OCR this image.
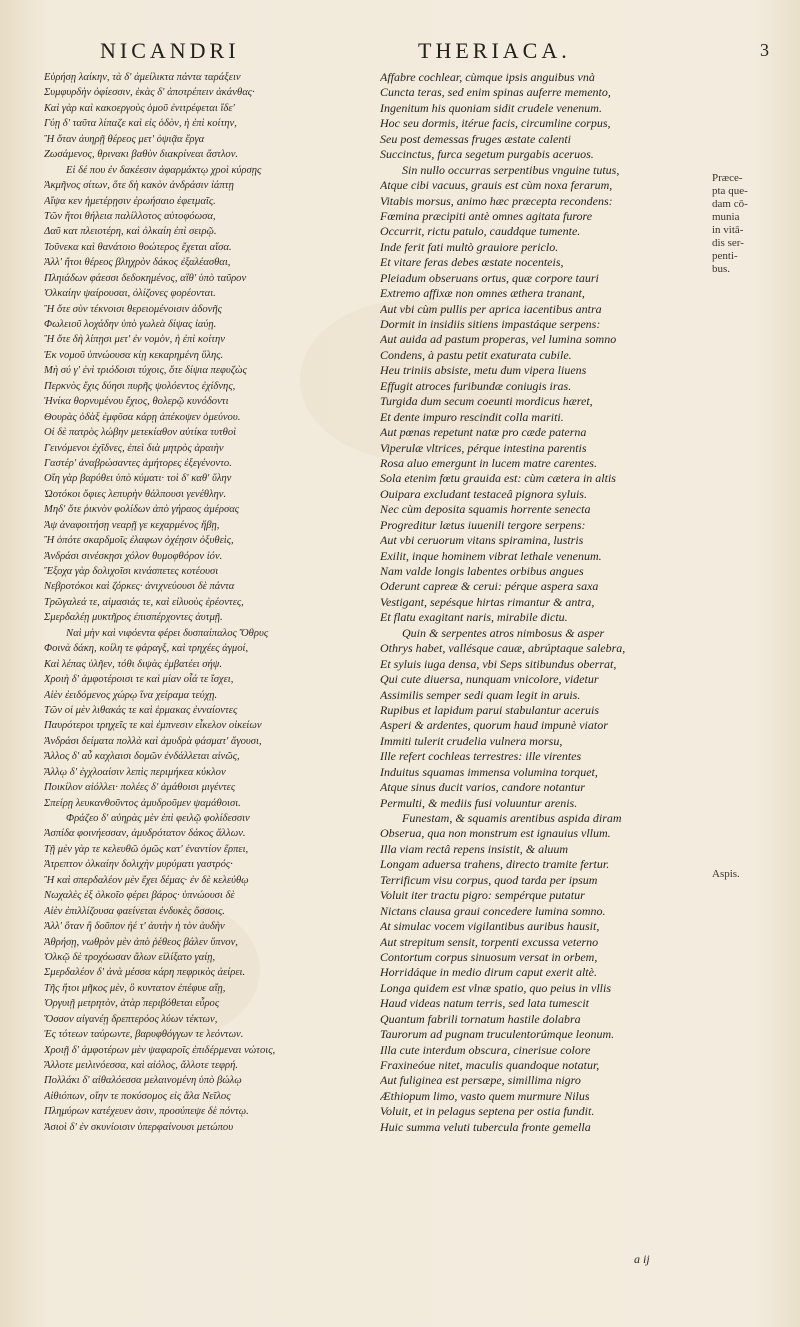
NICANDRI	THERIACA.	3
Εὑρήσῃ λαίκην, τὰ δ' ἀμείλικτα πάντα ταράξειν
Συμφυρδὴν ὀφίεσσιν, ἑκὰς δ' ἀποτρέπειν ἀκάνθας·
Καὶ γὰρ καὶ κακοεργοὺς ὁμοῦ ἐνιτρέφεται ἴδε'
Γύῃ δ' ταῦτα λίπαζε καὶ εἰς ὁδὸν, ἡ ἐπὶ κοίτην,
Ἢ ὅταν ἀυηρῇ θέρεος μετ' ὀψιᾷα ἔργα
Ζωσάμενος, θρινακι βαθὺν διακρίνεαι ἄστλον.
Εἰ δέ που ἐν δακέεσιν ἀφαρμάκτῳ χροὶ κύρσῃς
Ἀκμῆνος σίτων, ὅτε δὴ κακὸν ἀνδράσιν ἰάπτῃ
Αἴψα κεν ἡμετέρῃσιν ἐρωήσαιο ἐφετμαῖς.
Τῶν ἤτοι θήλεια παλίλλοτος αὐτοφόωσα,
Δαῦ κατ πλειοτέρη, καὶ ὀλκαίη ἐπὶ σειρῷ.
Τοῦνεκα καὶ θανάτοιο θοώτερος ἔχεται αἴσα.
Ἀλλ' ἤτοι θέρεος βληχρὸν δάκος ἐξαλέασθαι,
Πληιάδων φάεσσι δεδοκημένος, αἵθ' ὑπὸ ταῦρον
Ὀλκαίην ψαίρουσαι, ὀλίζονες φορέονται.
Ἢ ὅτε σὺν τέκνοισι θερειομένοισιν ἀδονῆς
Φωλειοῦ λοχάδην ὑπὸ γωλεὰ δίψας ἰαύῃ.
Ἢ ὅτε δὴ λίπῃσι μετ' ἐν νομὸν, ἡ ἐπὶ κοίτην
Ἐκ νομοῦ ὑπνώουσα κίῃ κεκαρημένη ὕλης.
Μὴ σύ γ' ἐνὶ τριόδοισι τύχοις, ὅτε δίψια πεφυζὼς
Περκνὸς ἔχις δύησι πυρῆς ψολόεντος ἐχίδνης,
Ἡνίκα θορνυμένου ἔχιος, θολερῷ κυνόδοντι
Θουρὰς ὀδὰξ ἐμφῦσα κάρῃ ἀπέκοψεν ὁμεύνου.
Οἱ δὲ πατρὸς λώβην μετεκίαθον αὐτίκα τυτθοὶ
Γεινόμενοι ἐχῖδνες, ἐπεὶ διὰ μητρὸς ἀραιὴν
Γαστέρ' ἀναβρώσαντες ἀμήτορες ἐξεγένοντο.
Οἴη γὰρ βαρύθει ὑπὸ κύματι· τοὶ δ' καθ' ὕλην
Ὠοτόκοι ὄφιες λεπυρὴν θάλπουσι γενέθλην.
Μηδ' ὅτε ῥικνὸν φολίδων ἀπὸ γήραος ἀμέρσας
Ἀψ ἀναφοιτήσῃ νεαρῇ γε κεχαρμένος ἥβῃ,
Ἢ ὁπότε σκαρδμοῖς ἐλαφων ὀχέῃσιν ὀξυθεὶς,
Ἀνδράσι σινέσκῃσι χόλον θυμοφθόρον ἰόν.
Ἔξοχα γὰρ δολιχοῖσι κινάσπετες κοτέουσι
Νεβροτόκοι καὶ ζόρκες· ἀνιχνεύουσι δὲ πάντα
Τρῶγαλεά τε, αἱμασιάς τε, καὶ εἰλυοὺς ἐρέοντες,
Σμερδαλέῃ μυκτῆρος ἐπισπέρχοντες ἀυτμῇ.
Ναὶ μὴν καὶ νιφόεντα φέρει δυσπαίπαλος Ὄθρυς
Φοινὰ δάκη, κοίλη τε φάραγξ, καὶ τρηχέες ἀγμοί,
Καὶ λέπας ὑλῆεν, τόθι διψὰς ἐμβατέει σήψ.
Χροιὴ δ' ἀμφοτέροισι τε καὶ μίαν οἷά τε ἴσχει,
Αἰὲν ἐειδόμενος χώρῳ ἵνα χείραμα τεύχῃ.
Τῶν οἱ μὲν λιθακάς τε καὶ ἑρμακας ἐνναίοντες
Παυρότεροι τρηχεῖς τε καὶ ἐμπνεσιν εἶκελον οἰκείων
Ἀνδράσι δείματα πολλὰ καὶ ἀμυδρὰ φάσματ' ἄγουσι,
Ἄλλος δ' αὖ καχλαισι δομῶν ἐνδάλλεται αἰνῶς,
Ἄλλῳ δ' ἐγχλοαίσιν λεπὶς περιμήκεα κύκλον
Ποικίλον αἰόλλει· πολέες δ' ἀμάθοισι μιγέντες
Σπείρῃ λευκανθοῦντος ἀμυδροῦμεν ψαμάθοισι.
Φράζεο δ' αὐηρὰς μὲν ἐπὶ φειλῷ φολίδεσσιν
Ἀσπίδα φοινήεσσαν, ἀμυδρότατον δάκος ἄλλων.
Τῇ μὲν γὰρ τε κελευθῶ ὁμῶς κατ' ἐναντίον ἕρπει,
Ἀτρεπτον ὀλκαίην δολιχὴν μυρύματι γαστρός·
Ἢ καὶ σπερδαλέον μὲν ἔχει δέμας· ἐν δὲ κελεύθῳ
Νωχαλὲς ἐξ ὀλκοῖο φέρει βάρος· ὑπνώουσι δὲ
Αἰὲν ἐπιλλίζουσα φαείνεται ἐνδυκὲς ὄσσοις.
Ἀλλ' ὅταν ἢ δοῦπον ἠέ τ' ἀυτὴν ἡ τὸν ἀυδὴν
Ἀθρήσῃ, νωθρὸν μὲν ἀπὸ ῥέθεος βάλεν ὕπνον,
Ὀλκῷ δὲ τροχόωσαν ἄλων εἰλίξατο γαίῃ,
Σμερδαλέον δ' ἀνὰ μέσσα κάρη πεφρικὸς ἀείρει.
Τῆς ἤτοι μῆκος μὲν, ὃ κυντατον ἐπέφυε αἴῃ,
Ὀργυιῇ μετρητὸν, ἀτὰρ περιβόθεται εὖρος
Ὅσσον αἰγανέῃ δρεπτερόος λύων τέκτων,
Ἐς τότεων ταύρωντε, βαρυφθόγγων τε λεόντων.
Χροιῇ δ' ἀμφοτέρων μὲν ψαφαροῖς ἐπιδέρμεναι νώτοις,
Ἄλλοτε μειλινόεσσα, καὶ αἰόλος, ἄλλοτε τεφρή.
Πολλάκι δ' αἰθαλόεσσα μελαινομένη ὑπὸ βώλῳ
Αἰθιόπων, οἵην τε ποκύσομος εἰς ἅλα Νεῖλος
Πλημύρων κατέχευεν ἀσιν, προσύπεψε δὲ πόντῳ.
Ἀσιοὶ δ' ἐν σκυνίοισιν ὑπερφαίνουσι μετώπου
Affabre cochlear, cùmque ipsis anguibus vnà
Cuncta teras, sed enim spinas auferre memento,
Ingenitum his quoniam sidit crudele venenum.
Hoc seu dormis, itérue facis, circumline corpus,
Seu post demessas fruges æstate calenti
Succinctus, furca segetum purgabis aceruos.
Sin nullo occurras serpentibus vnguine tutus,
Atque cibi vacuus, grauis est cùm noxa ferarum,
Vitabis morsus, animo hæc præcepta recondens:
Fœmina præcipiti antè omnes agitata furore
Occurrit, rictu patulo, cauddque tumente.
Inde ferit fati multò grauiore periclo.
Et vitare feras debes æstate nocenteis,
Pleiadum obseruans ortus, quæ corpore tauri
Extremo affixæ non omnes æthera tranant,
Aut vbi cùm pullis per aprica iacentibus antra
Dormit in insidiis sitiens impastáque serpens:
Aut auida ad pastum properas, vel lumina somno
Condens, à pastu petit exaturata cubile.
Heu triniis absiste, metu dum vipera liuens
Effugit atroces furibundæ coniugis iras.
Turgida dum secum coeunti mordicus hæret,
Et dente impuro rescindit colla mariti.
Aut pœnas repetunt natæ pro cæde paterna
Viperulæ vltrices, pérque intestina parentis
Rosa aluo emergunt in lucem matre carentes.
Sola etenim fœtu grauida est: cùm cætera in altis
Ouipara excludant testaceâ pignora syluis.
Nec cùm deposita squamis horrente senecta
Progreditur lætus iuuenili tergore serpens:
Aut vbi ceruorum vitans spiramina, lustris
Exilit, inque hominem vibrat lethale venenum.
Nam valde longis labentes orbibus angues
Oderunt capreæ & cerui: pérque aspera saxa
Vestigant, sepésque hirtas rimantur & antra,
Et flatu exagitant naris, mirabile dictu.
Quin & serpentes atros nimbosus & asper
Othrys habet, vallésque cauæ, abrúptaque salebra,
Et syluis iuga densa, vbi Seps sitibundus oberrat,
Qui cute diuersa, nunquam vnicolore, videtur
Assimilis semper sedi quam legit in aruis.
Rupibus et lapidum parui stabulantur aceruis
Asperi & ardentes, quorum haud impunè viator
Immiti tulerit crudelia vulnera morsu,
Ille refert cochleas terrestres: ille virentes
Induitus squamas immensa volumina torquet,
Atque sinus ducit varios, candore notantur
Permulti, & mediis fusi voluuntur arenis.
Funestam, & squamis arentibus aspida diram
Obserua, qua non monstrum est ignauius vllum.
Illa viam rectâ repens insistit, & aluum
Longam aduersa trahens, directo tramite fertur.
Terrificum visu corpus, quod tarda per ipsum
Voluit iter tractu pigro: sempérque putatur
Nictans clausa graui concedere lumina somno.
At simulac vocem vigilantibus auribus hausit,
Aut strepitum sensit, torpenti excussa veterno
Contortum corpus sinuosum versat in orbem,
Horridáque in medio dirum caput exerit altè.
Longa quidem est vlnæ spatio, quo peius in vllis
Haud videas natum terris, sed lata tumescit
Quantum fabrili tornatum hastile dolabra
Taurorum ad pugnam truculentorúmque leonum.
Illa cute interdum obscura, cinerisue colore
Fraxineóue nitet, maculis quandoque notatur,
Aut fuliginea est persæpe, simillima nigro
Æthiopum limo, vasto quem murmure Nilus
Voluit, et in pelagus septena per ostia fundit.
Huic summa veluti tubercula fronte gemella
Præce-
pta que-
dam cō-
munia
in vitā-
dis ser-
penti-
bus.
Aspis.
a ij
